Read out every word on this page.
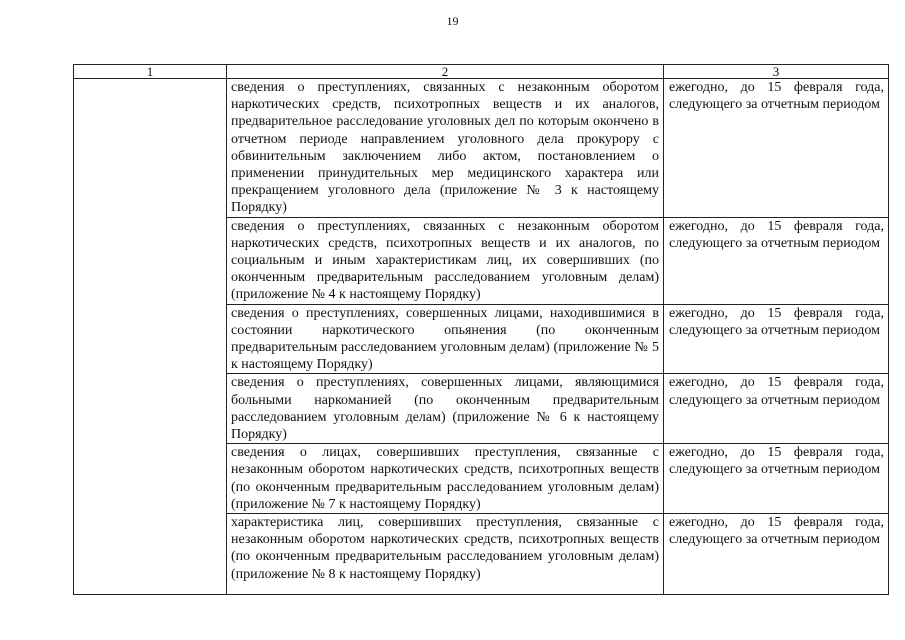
19
1	2	3
	сведения о преступлениях, связанных с незаконным оборотом наркотических средств, психотропных веществ и их аналогов, предварительное расследование уголовных дел по которым окончено в отчетном периоде направлением уголовного дела прокурору с обвинительным заключением либо актом, постановлением о применении принудительных мер медицинского характера или прекращением уголовного дела (приложение № 3 к настоящему Порядку)	ежегодно, до 15 февраля года, следующего за отчетным периодом
	сведения о преступлениях, связанных с незаконным оборотом наркотических средств, психотропных веществ и их аналогов, по социальным и иным характеристикам лиц, их совершивших (по оконченным предварительным расследованием уголовным делам) (приложение № 4 к настоящему Порядку)	ежегодно, до 15 февраля года, следующего за отчетным периодом
	сведения о преступлениях, совершенных лицами, находившимися в состоянии наркотического опьянения (по оконченным предварительным расследованием уголовным делам) (приложение № 5 к настоящему Порядку)	ежегодно, до 15 февраля года, следующего за отчетным периодом
	сведения о преступлениях, совершенных лицами, являющимися больными наркоманией (по оконченным предварительным расследованием уголовным делам) (приложение № 6 к настоящему Порядку)	ежегодно, до 15 февраля года, следующего за отчетным периодом
	сведения о лицах, совершивших преступления, связанные с незаконным оборотом наркотических средств, психотропных веществ (по оконченным предварительным расследованием уголовным делам) (приложение № 7 к настоящему Порядку)	ежегодно, до 15 февраля года, следующего за отчетным периодом
	характеристика лиц, совершивших преступления, связанные с незаконным оборотом наркотических средств, психотропных веществ (по оконченным предварительным расследованием уголовным делам) (приложение № 8 к настоящему Порядку)	ежегодно, до 15 февраля года, следующего за отчетным периодом
